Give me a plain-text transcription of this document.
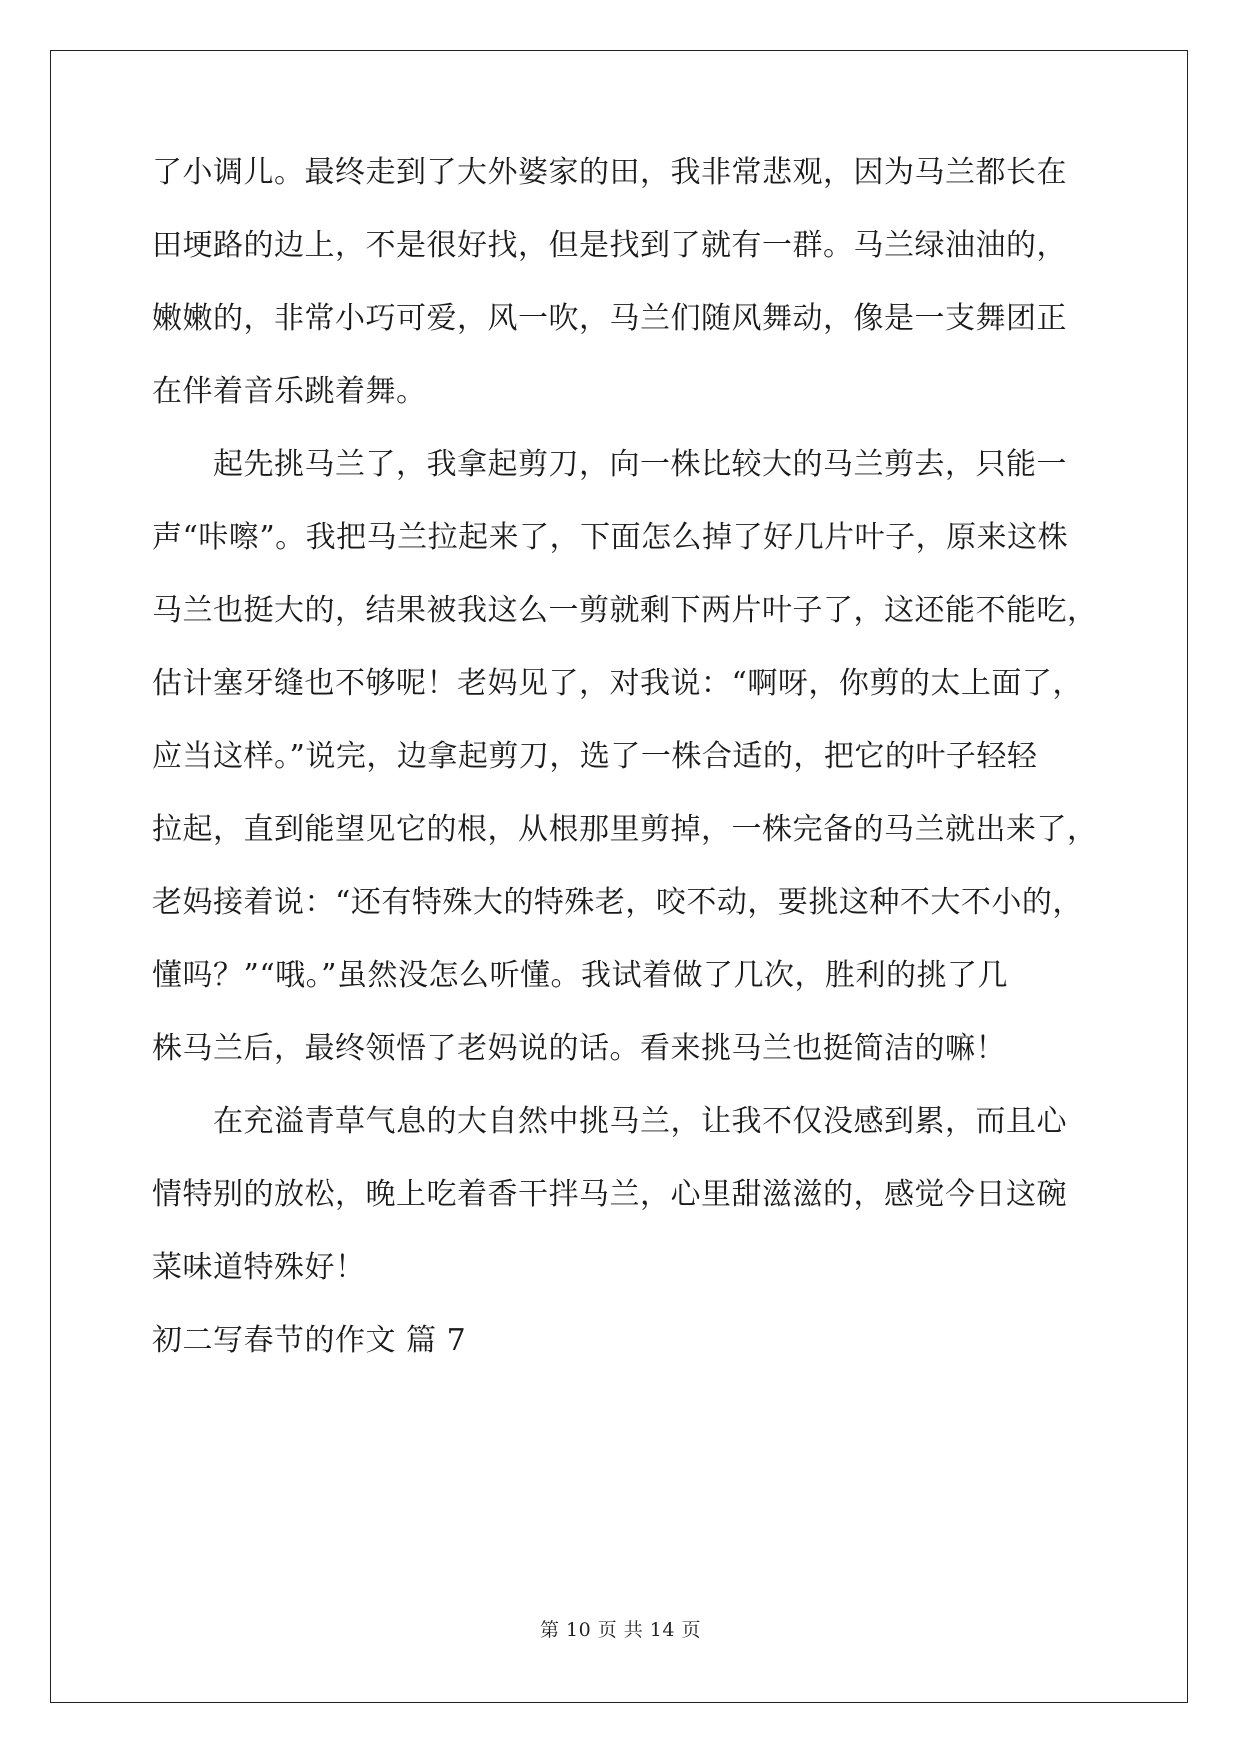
了小调儿。最终走到了大外婆家的田，我非常悲观，因为马兰都长在
田埂路的边上，不是很好找，但是找到了就有一群。马兰绿油油的，
嫩嫩的，非常小巧可爱，风一吹，马兰们随风舞动，像是一支舞团正
在伴着音乐跳着舞。
起先挑马兰了，我拿起剪刀，向一株比较大的马兰剪去，只能一
声“咔嚓”。我把马兰拉起来了，下面怎么掉了好几片叶子，原来这株
马兰也挺大的，结果被我这么一剪就剩下两片叶子了，这还能不能吃，
估计塞牙缝也不够呢！老妈见了，对我说：“啊呀，你剪的太上面了，
应当这样。”说完，边拿起剪刀，选了一株合适的，把它的叶子轻轻
拉起，直到能望见它的根，从根那里剪掉，一株完备的马兰就出来了，
老妈接着说：“还有特殊大的特殊老，咬不动，要挑这种不大不小的，
懂吗？”“哦。”虽然没怎么听懂。我试着做了几次，胜利的挑了几
株马兰后，最终领悟了老妈说的话。看来挑马兰也挺简洁的嘛！
在充溢青草气息的大自然中挑马兰，让我不仅没感到累，而且心
情特别的放松，晚上吃着香干拌马兰，心里甜滋滋的，感觉今日这碗
菜味道特殊好！
初二写春节的作文 篇 7
第 10 页 共 14 页
